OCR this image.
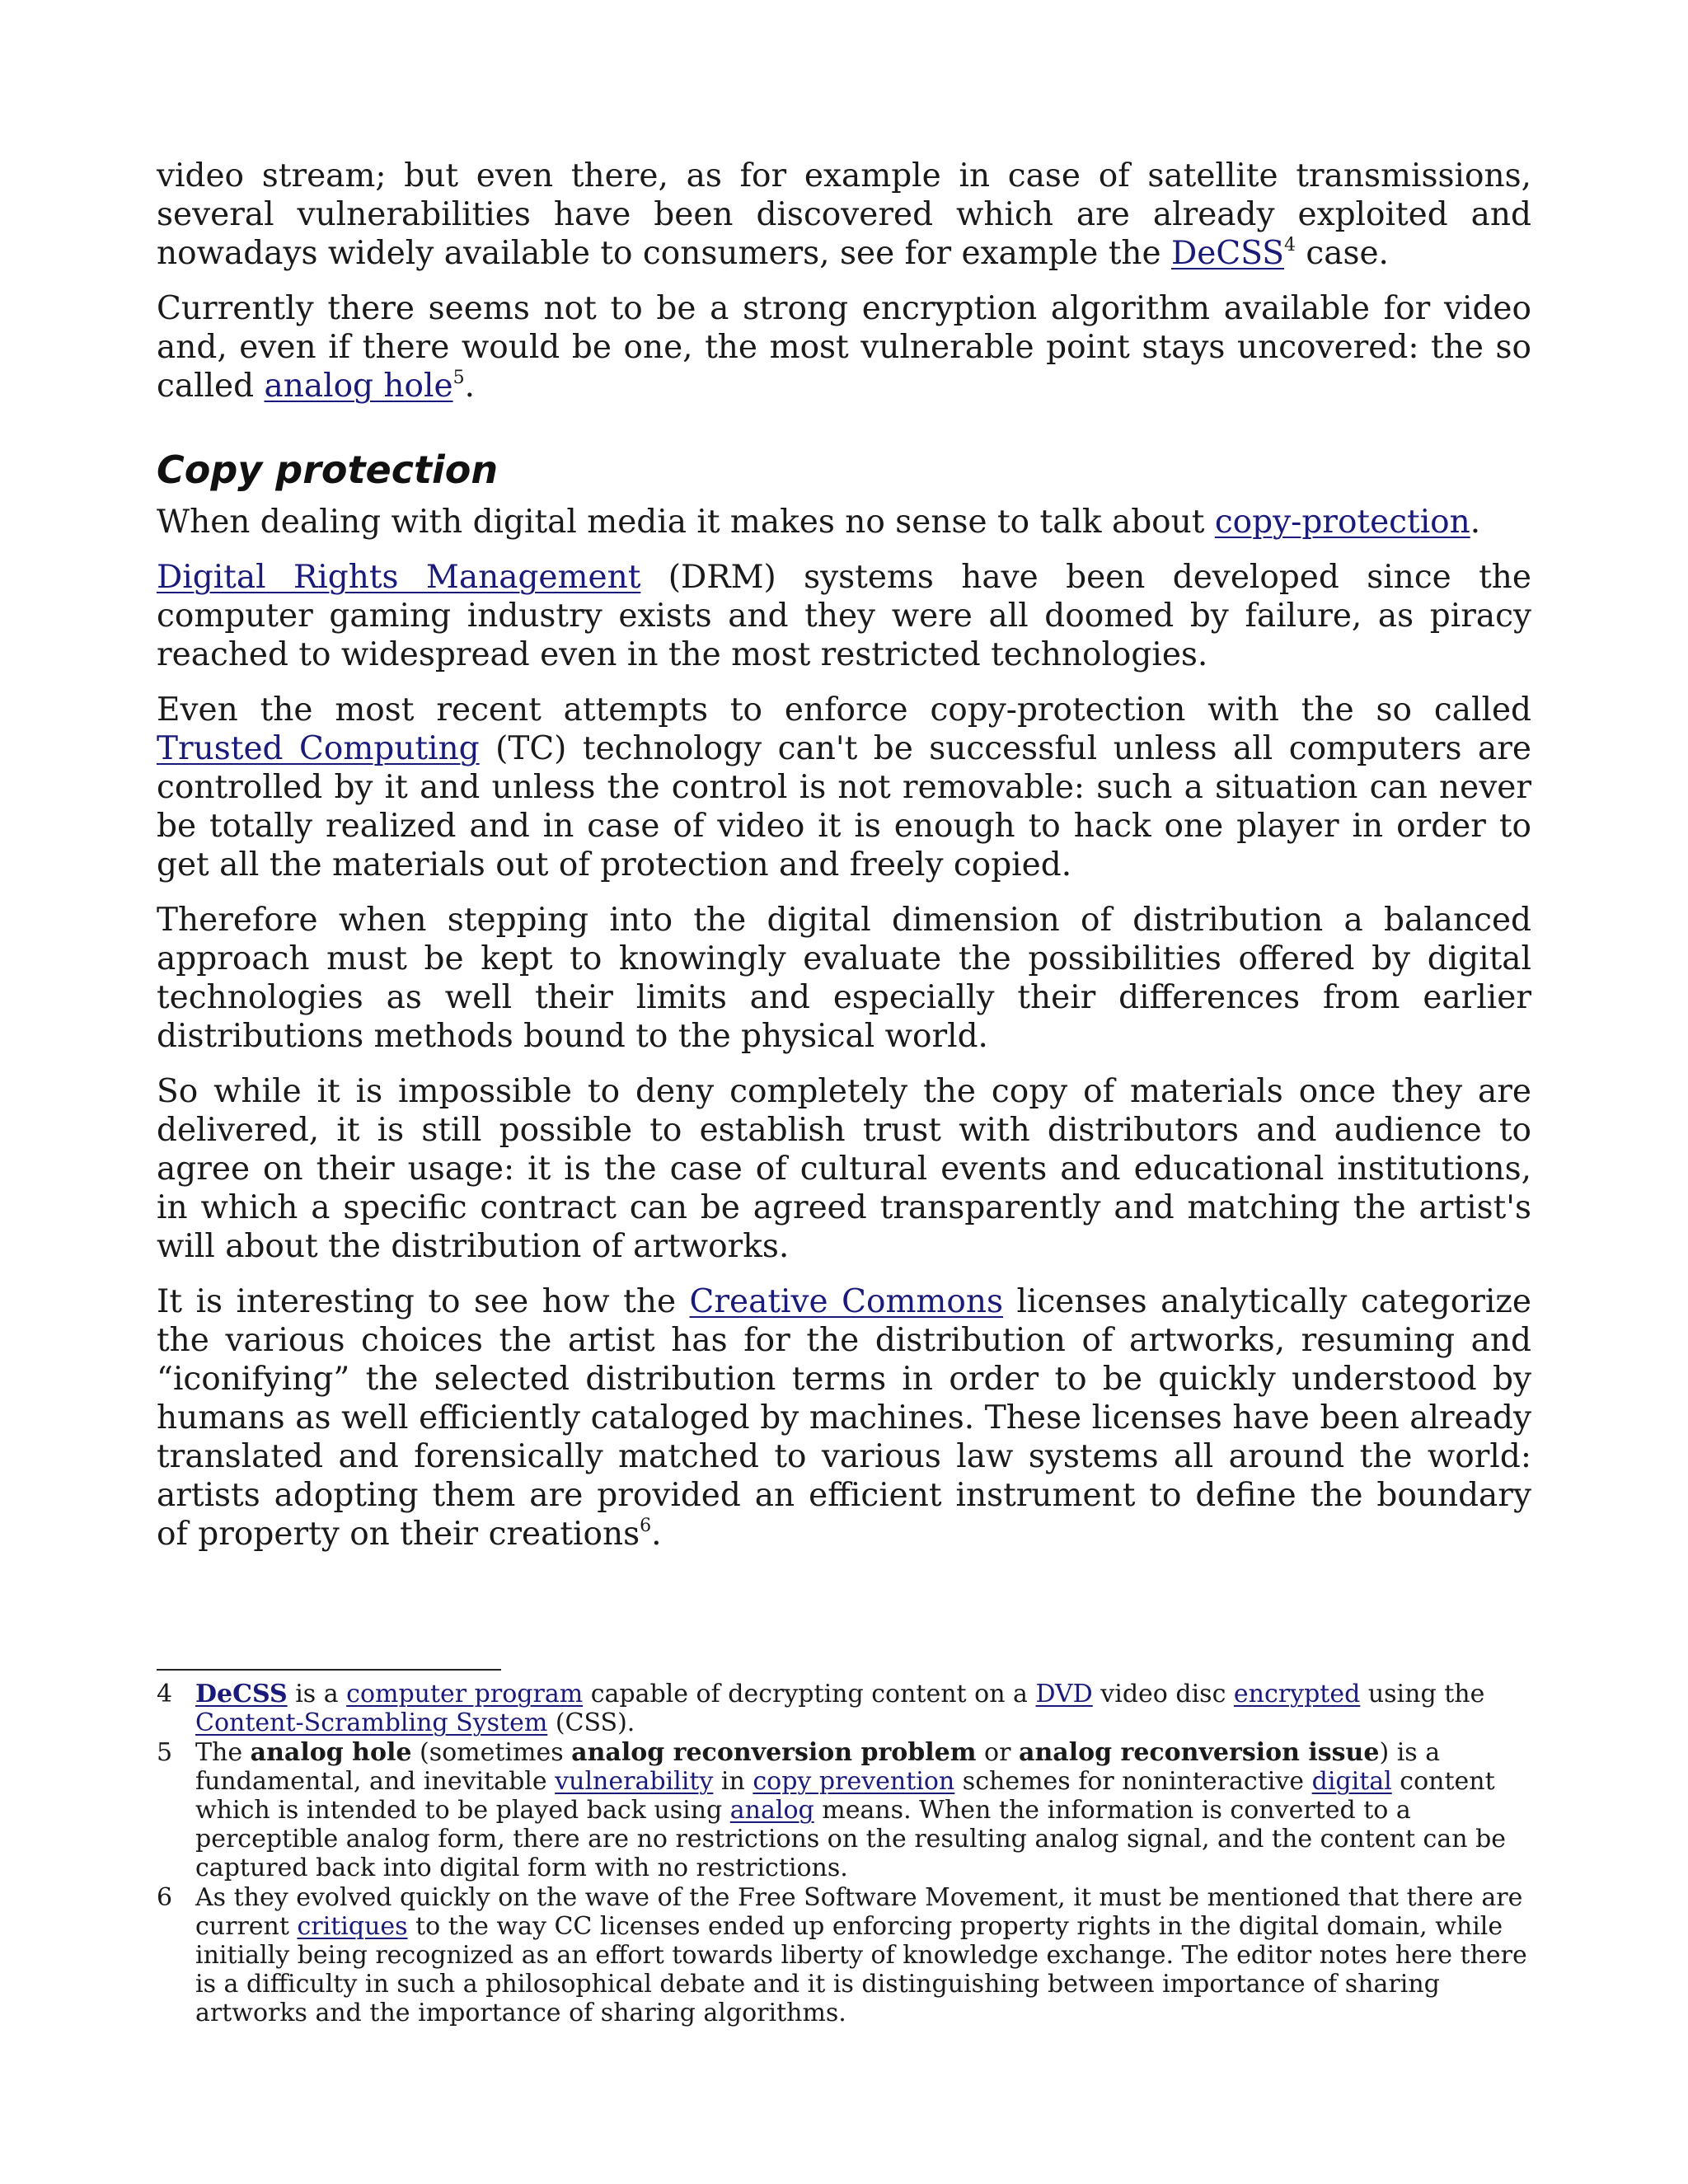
video stream; but even there, as for example in case of satellite transmissions, several vulnerabilities have been discovered which are already exploited and nowadays widely available to consumers, see for example the DeCSS$^4$ case.

Currently there seems not to be a strong encryption algorithm available for video and, even if there would be one, the most vulnerable point stays uncovered: the so called analog hole$^5$.

Copy protection

When dealing with digital media it makes no sense to talk about copy-protection.

Digital Rights Management (DRM) systems have been developed since the computer gaming industry exists and they were all doomed by failure, as piracy reached to widespread even in the most restricted technologies.

Even the most recent attempts to enforce copy-protection with the so called Trusted Computing (TC) technology can't be successful unless all computers are controlled by it and unless the control is not removable: such a situation can never be totally realized and in case of video it is enough to hack one player in order to get all the materials out of protection and freely copied.

Therefore when stepping into the digital dimension of distribution a balanced approach must be kept to knowingly evaluate the possibilities offered by digital technologies as well their limits and especially their differences from earlier distributions methods bound to the physical world.

So while it is impossible to deny completely the copy of materials once they are delivered, it is still possible to establish trust with distributors and audience to agree on their usage: it is the case of cultural events and educational institutions, in which a specific contract can be agreed transparently and matching the artist's will about the distribution of artworks.

It is interesting to see how the Creative Commons licenses analytically categorize the various choices the artist has for the distribution of artworks, resuming and “iconifying” the selected distribution terms in order to be quickly understood by humans as well efficiently cataloged by machines. These licenses have been already translated and forensically matched to various law systems all around the world: artists adopting them are provided an efficient instrument to define the boundary of property on their creations$^6$.

4 DeCSS is a computer program capable of decrypting content on a DVD video disc encrypted using the Content-Scrambling System (CSS).
5 The analog hole (sometimes analog reconversion problem or analog reconversion issue) is a fundamental, and inevitable vulnerability in copy prevention schemes for noninteractive digital content which is intended to be played back using analog means. When the information is converted to a perceptible analog form, there are no restrictions on the resulting analog signal, and the content can be captured back into digital form with no restrictions.
6 As they evolved quickly on the wave of the Free Software Movement, it must be mentioned that there are current critiques to the way CC licenses ended up enforcing property rights in the digital domain, while initially being recognized as an effort towards liberty of knowledge exchange. The editor notes here there is a difficulty in such a philosophical debate and it is distinguishing between importance of sharing artworks and the importance of sharing algorithms.
